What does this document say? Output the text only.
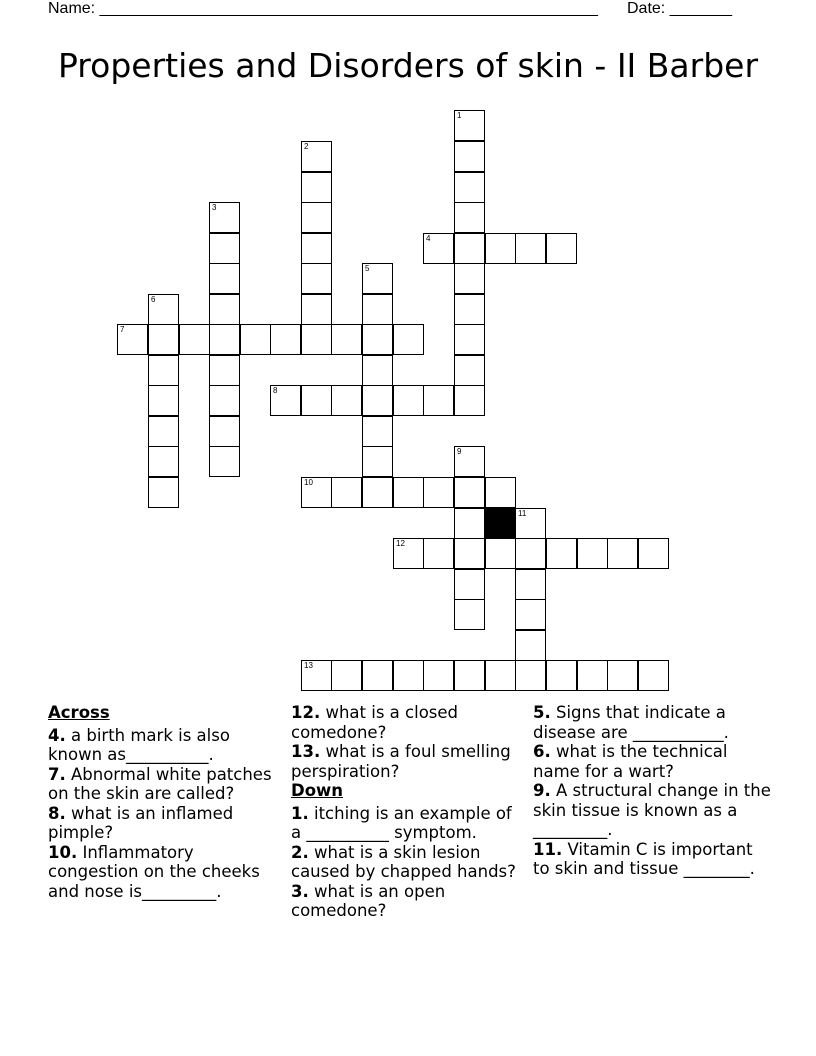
Name: ________________________________________________________ Date: _______
Properties and Disorders of skin - II Barber
1
2
3
4
5
6
7
8
9
10
11
12
13
Across

4. a birth mark is also known as__________.

7. Abnormal white patches on the skin are called?

8. what is an inflamed pimple?

10. Inflammatory congestion on the cheeks and nose is_________.

12. what is a closed comedone?

13. what is a foul smelling perspiration?

Down

1. itching is an example of a __________ symptom.

2. what is a skin lesion caused by chapped hands?

3. what is an open comedone?

5. Signs that indicate a disease are ___________.

6. what is the technical name for a wart?

9. A structural change in the skin tissue is known as a _________.

11. Vitamin C is important to skin and tissue ________.
